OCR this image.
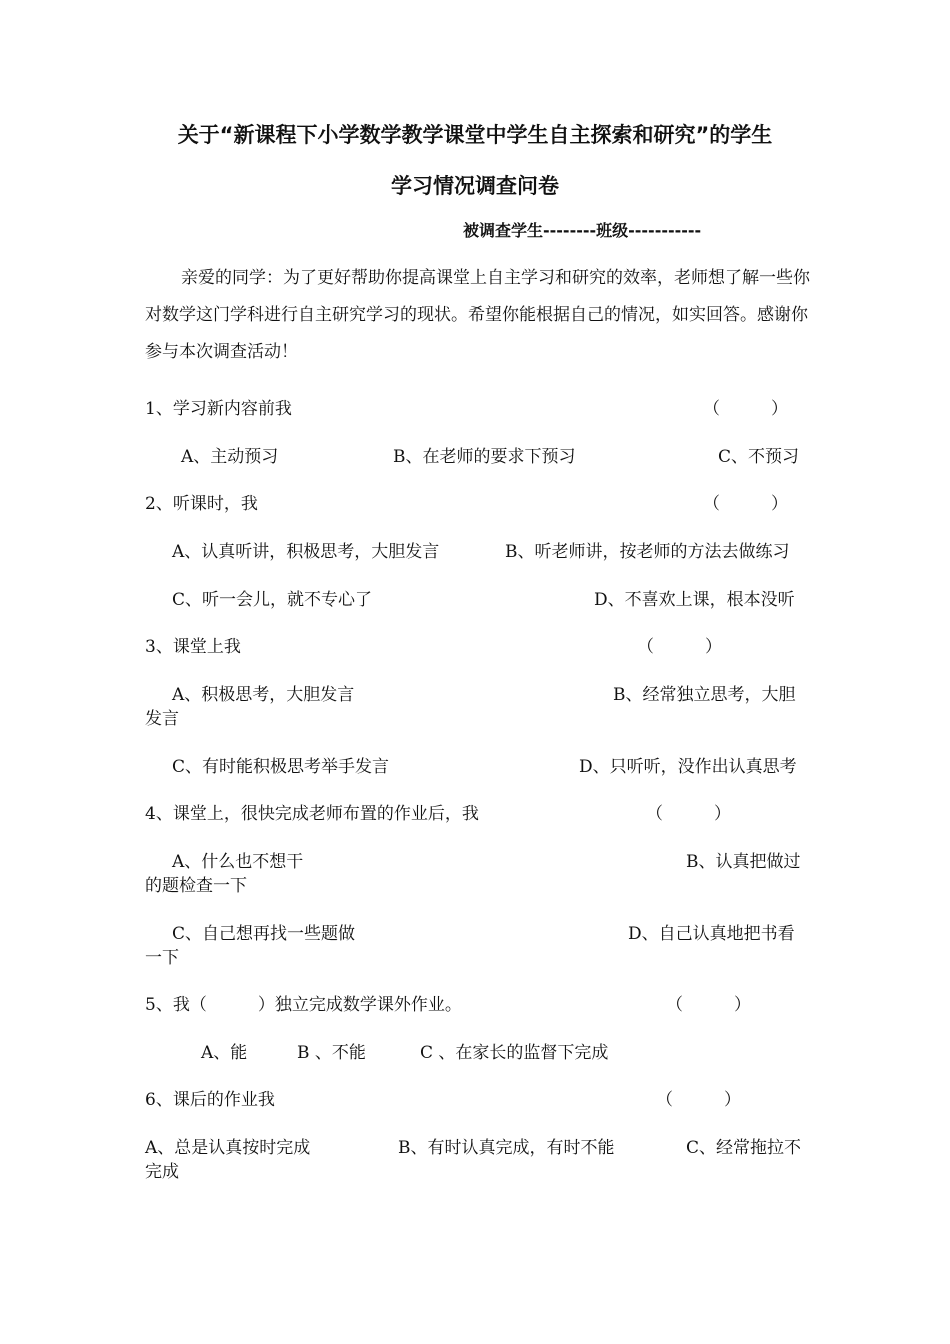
关于“新课程下小学数学教学课堂中学生自主探索和研究”的学生
学习情况调查问卷
被调查学生--------班级-----------
亲爱的同学：为了更好帮助你提高课堂上自主学习和研究的效率，老师想了解一些你对数学这门学科进行自主研究学习的现状。希望你能根据自己的情况，如实回答。感谢你参与本次调查活动！
1、学习新内容前我	（　　　）
A、主动预习	B、在老师的要求下预习	C、不预习
2、听课时，我	（　　　）
A、认真听讲，积极思考，大胆发言	B、听老师讲，按老师的方法去做练习
C、听一会儿，就不专心了	D、不喜欢上课，根本没听
3、课堂上我	（　　　）
A、积极思考，大胆发言	B、经常独立思考，大胆
发言
C、有时能积极思考举手发言	D、只听听，没作出认真思考
4、课堂上，很快完成老师布置的作业后，我	（　　　）
A、什么也不想干	B、认真把做过
的题检查一下
C、自己想再找一些题做	D、自己认真地把书看
一下
5、我（　　　）独立完成数学课外作业。	（　　　）
A、能	B 、不能	C 、在家长的监督下完成
6、课后的作业我	（　　　）
A、总是认真按时完成	B、有时认真完成，有时不能	C、经常拖拉不
完成
